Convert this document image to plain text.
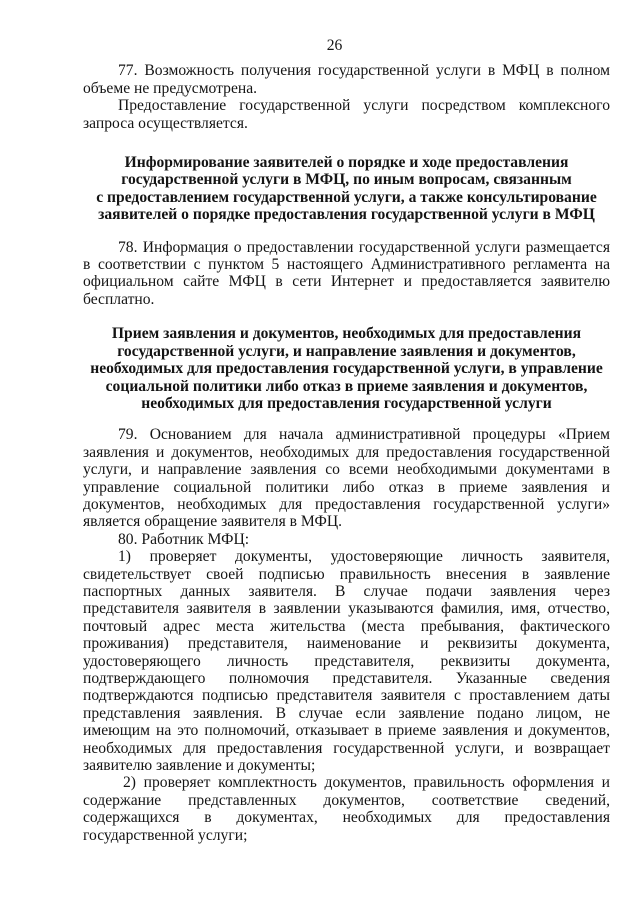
26

77. Возможность получения государственной услуги в МФЦ в полном объеме не предусмотрена.

Предоставление государственной услуги посредством комплексного запроса осуществляется.

Информирование заявителей о порядке и ходе предоставления
государственной услуги в МФЦ, по иным вопросам, связанным
с предоставлением государственной услуги, а также консультирование
заявителей о порядке предоставления государственной услуги в МФЦ

78. Информация о предоставлении государственной услуги размещается в соответствии с пунктом 5 настоящего Административного регламента на официальном сайте МФЦ в сети Интернет и предоставляется заявителю бесплатно.

Прием заявления и документов, необходимых для предоставления
государственной услуги, и направление заявления и документов,
необходимых для предоставления государственной услуги, в управление
социальной политики либо отказ в приеме заявления и документов,
необходимых для предоставления государственной услуги

79. Основанием для начала административной процедуры «Прием заявления и документов, необходимых для предоставления государственной услуги, и направление заявления со всеми необходимыми документами в управление социальной политики либо отказ в приеме заявления и документов, необходимых для предоставления государственной услуги» является обращение заявителя в МФЦ.

80. Работник МФЦ:

1) проверяет документы, удостоверяющие личность заявителя, свидетельствует своей подписью правильность внесения в заявление паспортных данных заявителя. В случае подачи заявления через представителя заявителя в заявлении указываются фамилия, имя, отчество, почтовый адрес места жительства (места пребывания, фактического проживания) представителя, наименование и реквизиты документа, удостоверяющего личность представителя, реквизиты документа, подтверждающего полномочия представителя. Указанные сведения подтверждаются подписью представителя заявителя с проставлением даты представления заявления. В случае если заявление подано лицом, не имеющим на это полномочий, отказывает в приеме заявления и документов, необходимых для предоставления государственной услуги, и возвращает заявителю заявление и документы;

2) проверяет комплектность документов, правильность оформления и содержание представленных документов, соответствие сведений, содержащихся в документах, необходимых для предоставления государственной услуги;
